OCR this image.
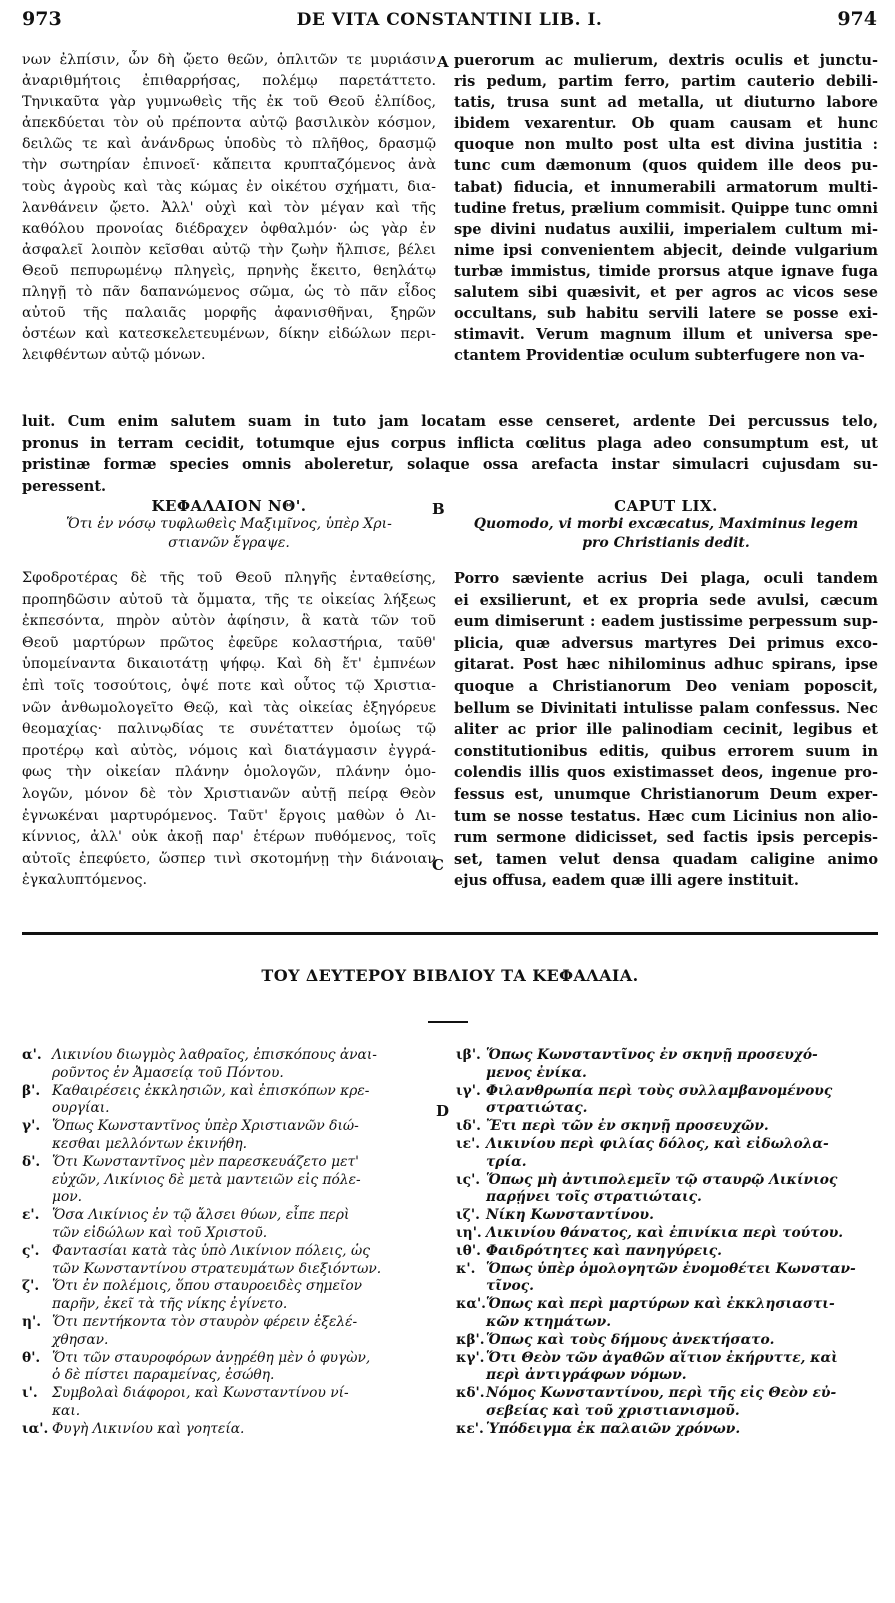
973	DE VITA CONSTANTINI LIB. I.	974
νων ἐλπίσιν, ὧν δὴ ᾤετο θεῶν, ὁπλιτῶν τε μυριάσιν
ἀναριθμήτοις ἐπιθαρρήσας, πολέμῳ παρετάττετο.
Τηνικαῦτα γὰρ γυμνωθεὶς τῆς ἐκ τοῦ Θεοῦ ἐλπίδος,
ἀπεκδύεται τὸν οὐ πρέποντα αὐτῷ βασιλικὸν κόσμον,
δειλῶς τε καὶ ἀνάνδρως ὑποδὺς τὸ πλῆθος, δρασμῷ
τὴν σωτηρίαν ἐπινοεῖ· κἄπειτα κρυπταζόμενος ἀνὰ
τοὺς ἀγροὺς καὶ τὰς κώμας ἐν οἰκέτου σχήματι, δια-
λανθάνειν ᾤετο. Ἀλλ' οὐχὶ καὶ τὸν μέγαν καὶ τῆς
καθόλου προνοίας διέδραχεν ὀφθαλμόν· ὡς γὰρ ἐν
ἀσφαλεῖ λοιπὸν κεῖσθαι αὐτῷ τὴν ζωὴν ἤλπισε, βέλει
Θεοῦ πεπυρωμένῳ πληγεὶς, πρηνὴς ἔκειτο, θεηλάτῳ
πληγῇ τὸ πᾶν δαπανώμενος σῶμα, ὡς τὸ πᾶν εἶδος
αὐτοῦ τῆς παλαιᾶς μορφῆς ἀφανισθῆναι, ξηρῶν
ὀστέων καὶ κατεσκελετευμένων, δίκην εἰδώλων περι-
λειφθέντων αὐτῷ μόνων.
puerorum ac mulierum, dextris oculis et junctu-
ris pedum, partim ferro, partim cauterio debili-
tatis, trusa sunt ad metalla, ut diuturno labore
ibidem vexarentur. Ob quam causam et hunc
quoque non multo post ulta est divina justitia :
tunc cum dæmonum (quos quidem ille deos pu-
tabat) fiducia, et innumerabili armatorum multi-
tudine fretus, prælium commisit. Quippe tunc omni
spe divini nudatus auxilii, imperialem cultum mi-
nime ipsi convenientem abjecit, deinde vulgarium
turbæ immistus, timide prorsus atque ignave fuga
salutem sibi quæsivit, et per agros ac vicos sese
occultans, sub habitu servili latere se posse exi-
stimavit. Verum magnum illum et universa spe-
ctantem Providentiæ oculum subterfugere non va-
A
luit. Cum enim salutem suam in tuto jam locatam esse censeret, ardente Dei percussus telo,
pronus in terram cecidit, totumque ejus corpus inflicta cœlitus plaga adeo consumptum est, ut
pristinæ formæ species omnis aboleretur, solaque ossa arefacta instar simulacri cujusdam su-
peressent.
B
ΚΕΦΑΛΑΙΟΝ ΝΘ'.
Ὅτι ἐν νόσῳ τυφλωθεὶς Μαξιμῖνος, ὑπὲρ Χρι-
στιανῶν ἔγραψε.
CAPUT LIX.
Quomodo, vi morbi excæcatus, Maximinus legem
pro Christianis dedit.
Σφοδροτέρας δὲ τῆς τοῦ Θεοῦ πληγῆς ἐνταθείσης,
προπηδῶσιν αὐτοῦ τὰ ὄμματα, τῆς τε οἰκείας λήξεως
ἐκπεσόντα, πηρὸν αὐτὸν ἀφίησιν, ἃ κατὰ τῶν τοῦ
Θεοῦ μαρτύρων πρῶτος ἐφεῦρε κολαστήρια, ταῦθ'
ὑπομείναντα δικαιοτάτῃ ψήφῳ. Καὶ δὴ ἔτ' ἐμπνέων
ἐπὶ τοῖς τοσούτοις, ὀψέ ποτε καὶ οὗτος τῷ Χριστια-
νῶν ἀνθωμολογεῖτο Θεῷ, καὶ τὰς οἰκείας ἐξηγόρευε
θεομαχίας· παλινῳδίας τε συνέταττεν ὁμοίως τῷ
προτέρῳ καὶ αὐτὸς, νόμοις καὶ διατάγμασιν ἐγγρά-
φως τὴν οἰκείαν πλάνην ὁμολογῶν, πλάνην ὁμο-
λογῶν, μόνον δὲ τὸν Χριστιανῶν αὐτῇ πείρᾳ Θεὸν
ἐγνωκέναι μαρτυρόμενος. Ταῦτ' ἔργοις μαθὼν ὁ Λι-
κίννιος, ἀλλ' οὐκ ἀκοῇ παρ' ἑτέρων πυθόμενος, τοῖς
αὐτοῖς ἐπεφύετο, ὥσπερ τινὶ σκοτομήνῃ τὴν διάνοιαν
ἐγκαλυπτόμενος.
Porro sæviente acrius Dei plaga, oculi tandem
ei exsilierunt, et ex propria sede avulsi, cæcum
eum dimiserunt : eadem justissime perpessum sup-
plicia, quæ adversus martyres Dei primus exco-
gitarat. Post hæc nihilominus adhuc spirans, ipse
quoque a Christianorum Deo veniam poposcit,
bellum se Divinitati intulisse palam confessus. Nec
aliter ac prior ille palinodiam cecinit, legibus et
constitutionibus editis, quibus errorem suum in
colendis illis quos existimasset deos, ingenue pro-
fessus est, unumque Christianorum Deum exper-
tum se nosse testatus. Hæc cum Licinius non alio-
rum sermone didicisset, sed factis ipsis percepis-
set, tamen velut densa quadam caligine animo
ejus offusa, eadem quæ illi agere instituit.
C
ΤΟΥ ΔΕΥΤΕΡΟΥ ΒΙΒΛΙΟΥ ΤΑ ΚΕΦΑΛΑΙΑ.
α'. Λικινίου διωγμὸς λαθραῖος, ἐπισκόπους ἀναι-
ροῦντος ἐν Ἀμασείᾳ τοῦ Πόντου.
β'. Καθαιρέσεις ἐκκλησιῶν, καὶ ἐπισκόπων κρε-
ουργίαι.
γ'. Ὅπως Κωνσταντῖνος ὑπὲρ Χριστιανῶν διώ-
κεσθαι μελλόντων ἐκινήθη.
δ'. Ὅτι Κωνσταντῖνος μὲν παρεσκευάζετο μετ'
εὐχῶν, Λικίνιος δὲ μετὰ μαντειῶν εἰς πόλε-
μον.
ε'. Ὅσα Λικίνιος ἐν τῷ ἄλσει θύων, εἶπε περὶ
τῶν εἰδώλων καὶ τοῦ Χριστοῦ.
ς'. Φαντασίαι κατὰ τὰς ὑπὸ Λικίνιον πόλεις, ὡς
τῶν Κωνσταντίνου στρατευμάτων διεξιόντων.
ζ'. Ὅτι ἐν πολέμοις, ὅπου σταυροειδὲς σημεῖον
παρῆν, ἐκεῖ τὰ τῆς νίκης ἐγίνετο.
η'. Ὅτι πεντήκοντα τὸν σταυρὸν φέρειν ἐξελέ-
χθησαν.
θ'. Ὅτι τῶν σταυροφόρων ἀνῃρέθη μὲν ὁ φυγὼν,
ὁ δὲ πίστει παραμείνας, ἐσώθη.
ι'. Συμβολαὶ διάφοροι, καὶ Κωνσταντίνου νί-
και.
ια'. Φυγὴ Λικινίου καὶ γοητεία.
D
ιβ'. Ὅπως Κωνσταντῖνος ἐν σκηνῇ προσευχό-
μενος ἐνίκα.
ιγ'. Φιλανθρωπία περὶ τοὺς συλλαμβανομένους
στρατιώτας.
ιδ'. Ἔτι περὶ τῶν ἐν σκηνῇ προσευχῶν.
ιε'. Λικινίου περὶ φιλίας δόλος, καὶ εἰδωλολα-
τρία.
ις'. Ὅπως μὴ ἀντιπολεμεῖν τῷ σταυρῷ Λικίνιος
παρῄνει τοῖς στρατιώταις.
ιζ'. Νίκη Κωνσταντίνου.
ιη'. Λικινίου θάνατος, καὶ ἐπινίκια περὶ τούτου.
ιθ'. Φαιδρότητες καὶ πανηγύρεις.
κ'. Ὅπως ὑπὲρ ὁμολογητῶν ἐνομοθέτει Κωνσταν-
τῖνος.
κα'. Ὅπως καὶ περὶ μαρτύρων καὶ ἐκκλησιαστι-
κῶν κτημάτων.
κβ'. Ὅπως καὶ τοὺς δήμους ἀνεκτήσατο.
κγ'. Ὅτι Θεὸν τῶν ἀγαθῶν αἴτιον ἐκήρυττε, καὶ
περὶ ἀντιγράφων νόμων.
κδ'. Νόμος Κωνσταντίνου, περὶ τῆς εἰς Θεὸν εὐ-
σεβείας καὶ τοῦ χριστιανισμοῦ.
κε'. Ὑπόδειγμα ἐκ παλαιῶν χρόνων.
